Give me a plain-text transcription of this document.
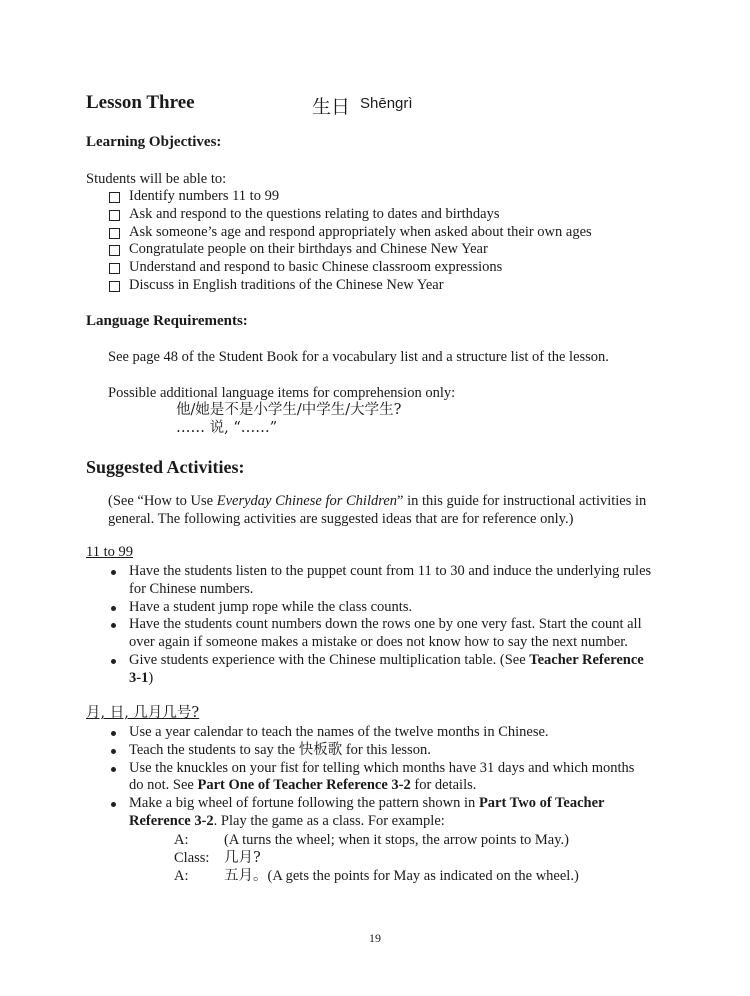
Lesson Three	生日 Shēngrì
Learning Objectives:
Students will be able to:
Identify numbers 11 to 99
Ask and respond to the questions relating to dates and birthdays
Ask someone’s age and respond appropriately when asked about their own ages
Congratulate people on their birthdays and Chinese New Year
Understand and respond to basic Chinese classroom expressions
Discuss in English traditions of the Chinese New Year
Language Requirements:
See page 48 of the Student Book for a vocabulary list and a structure list of the lesson.
Possible additional language items for comprehension only:
他/她是不是小学生/中学生/大学生?
…… 说, “……”
Suggested Activities:
(See “How to Use Everyday Chinese for Children” in this guide for instructional activities in
general. The following activities are suggested ideas that are for reference only.)
11 to 99
Have the students listen to the puppet count from 11 to 30 and induce the underlying rules
for Chinese numbers.
Have a student jump rope while the class counts.
Have the students count numbers down the rows one by one very fast. Start the count all
over again if someone makes a mistake or does not know how to say the next number.
Give students experience with the Chinese multiplication table. (See Teacher Reference
3-1)
月, 日, 几月几号?
Use a year calendar to teach the names of the twelve months in Chinese.
Teach the students to say the 快板歌 for this lesson.
Use the knuckles on your fist for telling which months have 31 days and which months
do not. See Part One of Teacher Reference 3-2 for details.
Make a big wheel of fortune following the pattern shown in Part Two of Teacher
Reference 3-2. Play the game as a class. For example:
A: (A turns the wheel; when it stops, the arrow points to May.)
Class: 几月?
A: 五月。(A gets the points for May as indicated on the wheel.)
19
